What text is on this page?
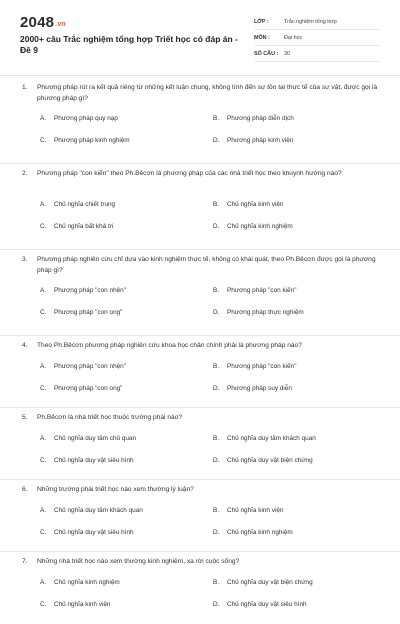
2048.vn
2000+ câu Trắc nghiệm tổng hợp Triết học có đáp án - Đề 9
LỚP :	Trắc nghiệm tổng hợp
MÔN :	Đại học
SỐ CÂU :	30
1.	Phương pháp rút ra kết quả riêng từ những kết luận chung, không tính đến sự tồn tại thực tế của sự vật, được gọi là phương pháp gì?
A.	Phương pháp quy nạp	B.	Phương pháp diễn dịch
C.	Phương pháp kinh nghiệm	D.	Phương pháp kinh viện
2.	Phương pháp "con kiến" theo Ph.Bêcơn là phương pháp của các nhà triết học theo khuynh hướng nào?
A.	Chủ nghĩa chiết trung	B.	Chủ nghĩa kinh viện
C.	Chủ nghĩa bất khả tri	D.	Chủ nghĩa kinh nghiệm
3.	Phương pháp nghiên cứu chỉ dựa vào kinh nghiệm thực tế, không có khái quát, theo Ph.Bêcơn được gọi là phương pháp gì?
A.	Phương pháp "con nhện"	B.	Phương pháp "con kiến"
C.	Phương pháp "con ong"	D.	Phương pháp thực nghiệm
4.	Theo Ph.Bêcơn phương pháp nghiên cứu khoa học chân chính phải là phương pháp nào?
A.	Phương pháp "con nhện"	B.	Phương pháp "con kiến"
C.	Phương pháp "con ong"	D.	Phương pháp suy diễn
5.	Ph.Bêcơn là nhà triết học thuộc trường phái nào?
A.	Chủ nghĩa duy tâm chủ quan	B.	Chủ nghĩa duy tâm khách quan
C.	Chủ nghĩa duy vật siêu hình	D.	Chủ nghĩa duy vật biện chứng
6.	Những trường phái triết học nào xem thường lý luận?
A.	Chủ nghĩa duy tâm khách quan	B.	Chủ nghĩa kinh viện
C.	Chủ nghĩa duy vật siêu hình	D.	Chủ nghĩa kinh nghiệm
7.	Những nhà triết học nào xem thường kinh nghiệm, xa rời cuộc sống?
A.	Chủ nghĩa kinh nghiệm	B.	Chủ nghĩa duy vật biện chứng
C.	Chủ nghĩa kinh viện	D.	Chủ nghĩa duy vật siêu hình
